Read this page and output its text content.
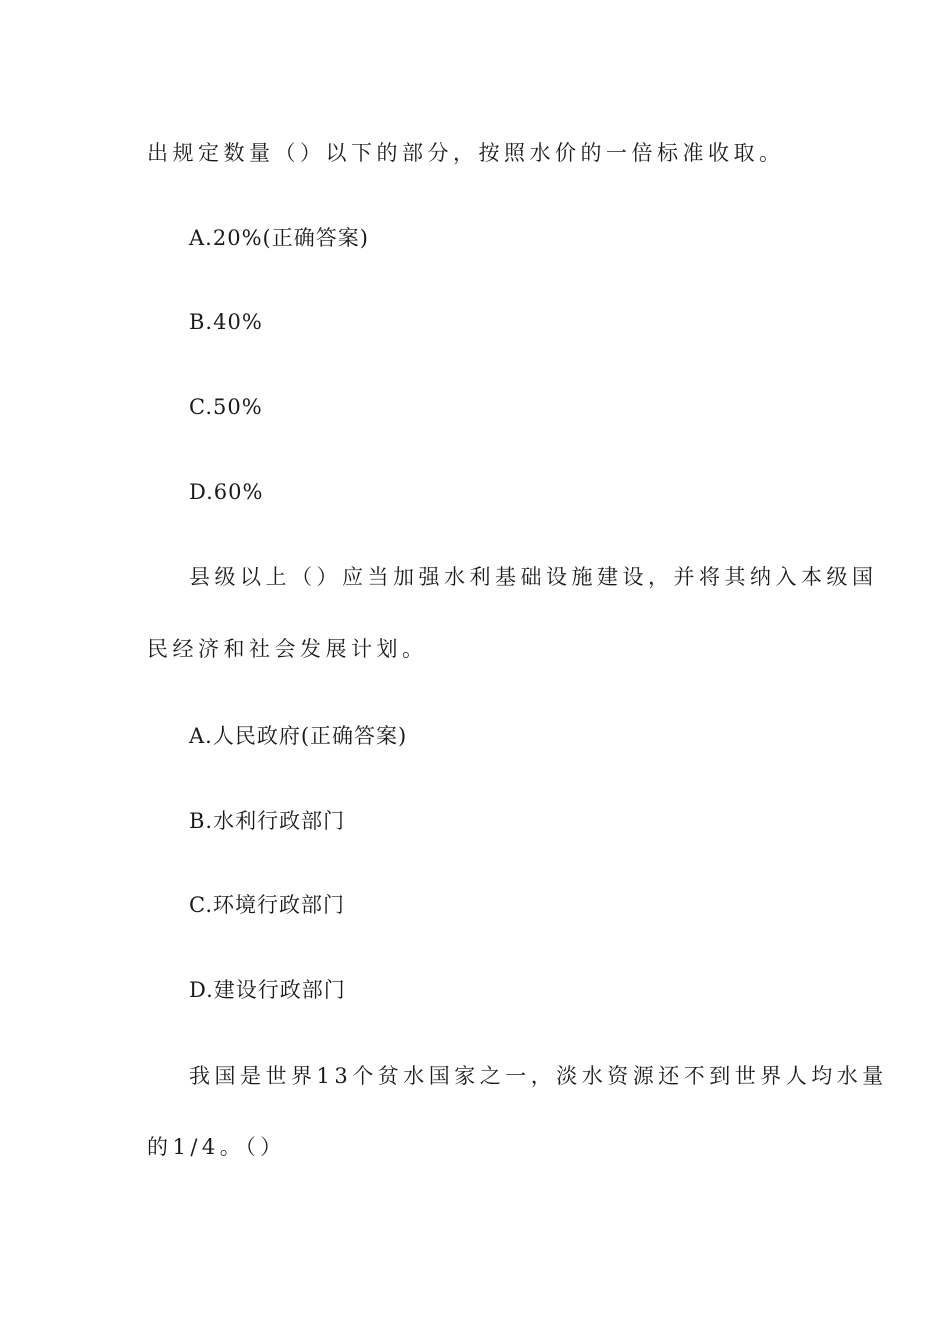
出规定数量（）以下的部分，按照水价的一倍标准收取。
A.20%(正确答案)
B.40%
C.50%
D.60%
县级以上（）应当加强水利基础设施建设，并将其纳入本级国
民经济和社会发展计划。
A.人民政府(正确答案)
B.水利行政部门
C.环境行政部门
D.建设行政部门
我国是世界13个贫水国家之一，淡水资源还不到世界人均水量
的1/4。（）
